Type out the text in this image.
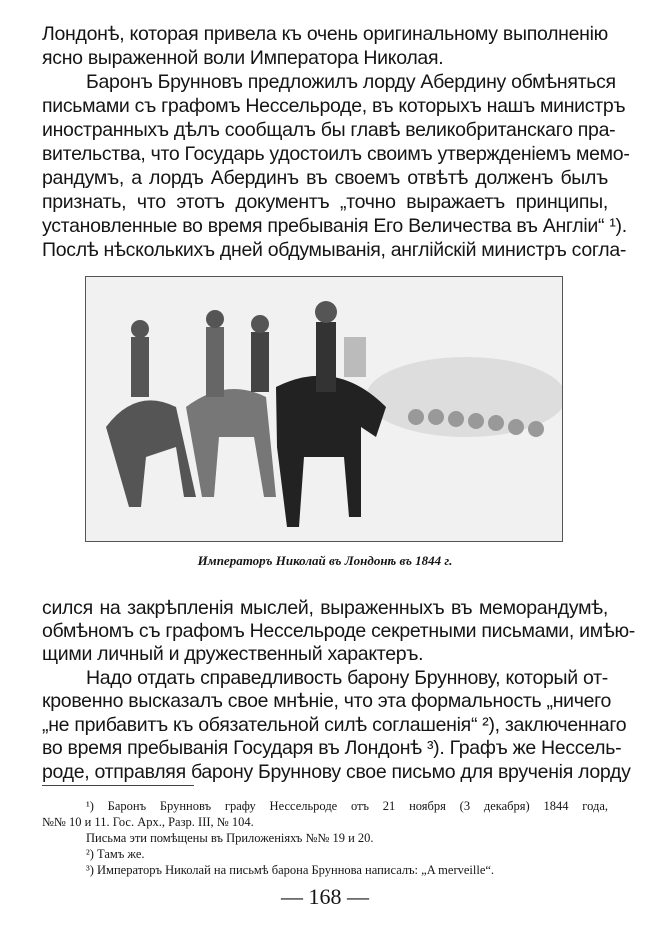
Лондонѣ, которая привела къ очень оригинальному выполненію
ясно выраженной воли Императора Николая.
Баронъ Брунновъ предложилъ лорду Абердину обмѣняться
письмами съ графомъ Нессельроде, въ которыхъ нашъ министръ
иностранныхъ дѣлъ сообщалъ бы главѣ великобританскаго пра-
вительства, что Государь удостоилъ своимъ утвержденіемъ мемо-
рандумъ, а лордъ Абердинъ въ своемъ отвѣтѣ долженъ былъ
признать, что этотъ документъ „точно выражаетъ принципы,
установленные во время пребыванія Его Величества въ Англіи“ ¹).
Послѣ нѣсколькихъ дней обдумыванія, англійскій министръ согла-
Императоръ Николай въ Лондонѣ въ 1844 г.
сился на закрѣпленія мыслей, выраженныхъ въ меморандумѣ,
обмѣномъ съ графомъ Нессельроде секретными письмами, имѣю-
щими личный и дружественный характеръ.
Надо отдать справедливость барону Бруннову, который от-
кровенно высказалъ свое мнѣніе, что эта формальность „ничего
„не прибавитъ къ обязательной силѣ соглашенія“ ²), заключеннаго
во время пребыванія Государя въ Лондонѣ ³). Графъ же Нессель-
роде, отправляя барону Бруннову свое письмо для врученія лорду
¹) Баронъ Брунновъ графу Нессельроде отъ 21 ноября (3 декабря) 1844 года,
№№ 10 и 11. Гос. Арх., Разр. III, № 104.
Письма эти помѣщены въ Приложеніяхъ №№ 19 и 20.
²) Тамъ же.
³) Императоръ Николай на письмѣ барона Бруннова написалъ: „A merveille“.
— 168 —
